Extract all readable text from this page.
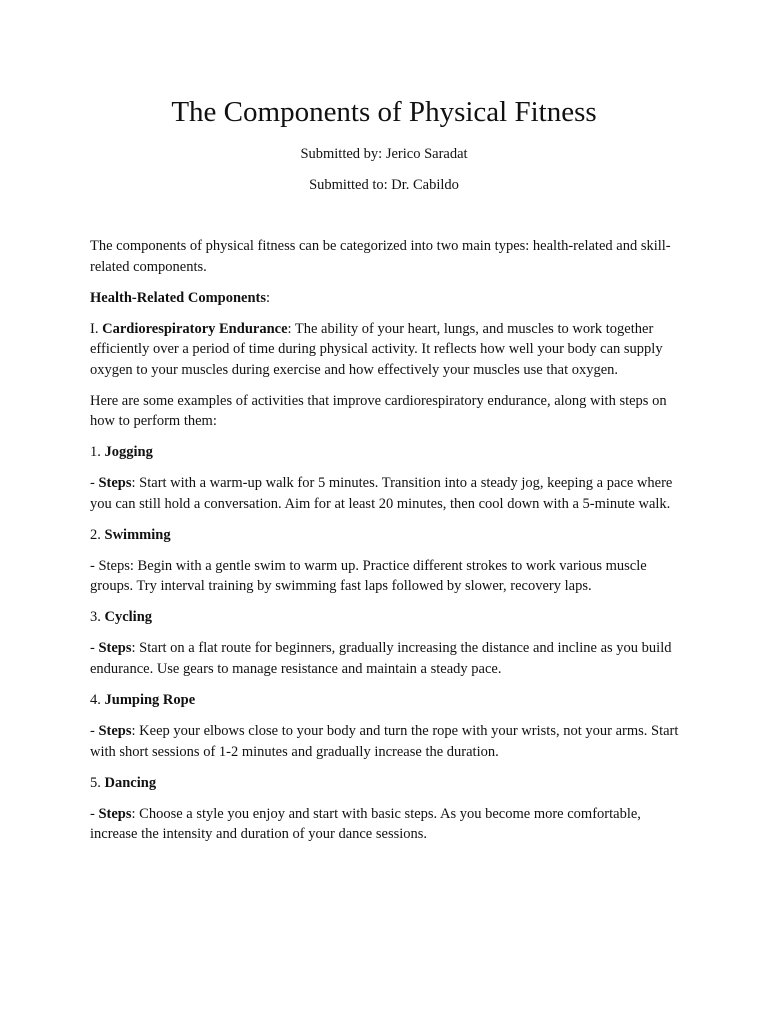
The Components of Physical Fitness
Submitted by: Jerico Saradat
Submitted to: Dr. Cabildo

The components of physical fitness can be categorized into two main types: health-related and skill-related components.

Health-Related Components:

I. Cardiorespiratory Endurance: The ability of your heart, lungs, and muscles to work together efficiently over a period of time during physical activity. It reflects how well your body can supply oxygen to your muscles during exercise and how effectively your muscles use that oxygen.

Here are some examples of activities that improve cardiorespiratory endurance, along with steps on how to perform them:

1. Jogging

- Steps: Start with a warm-up walk for 5 minutes. Transition into a steady jog, keeping a pace where you can still hold a conversation. Aim for at least 20 minutes, then cool down with a 5-minute walk.

2. Swimming

- Steps: Begin with a gentle swim to warm up. Practice different strokes to work various muscle groups. Try interval training by swimming fast laps followed by slower, recovery laps.

3. Cycling

- Steps: Start on a flat route for beginners, gradually increasing the distance and incline as you build endurance. Use gears to manage resistance and maintain a steady pace.

4. Jumping Rope

- Steps: Keep your elbows close to your body and turn the rope with your wrists, not your arms. Start with short sessions of 1-2 minutes and gradually increase the duration.

5. Dancing

- Steps: Choose a style you enjoy and start with basic steps. As you become more comfortable, increase the intensity and duration of your dance sessions.
